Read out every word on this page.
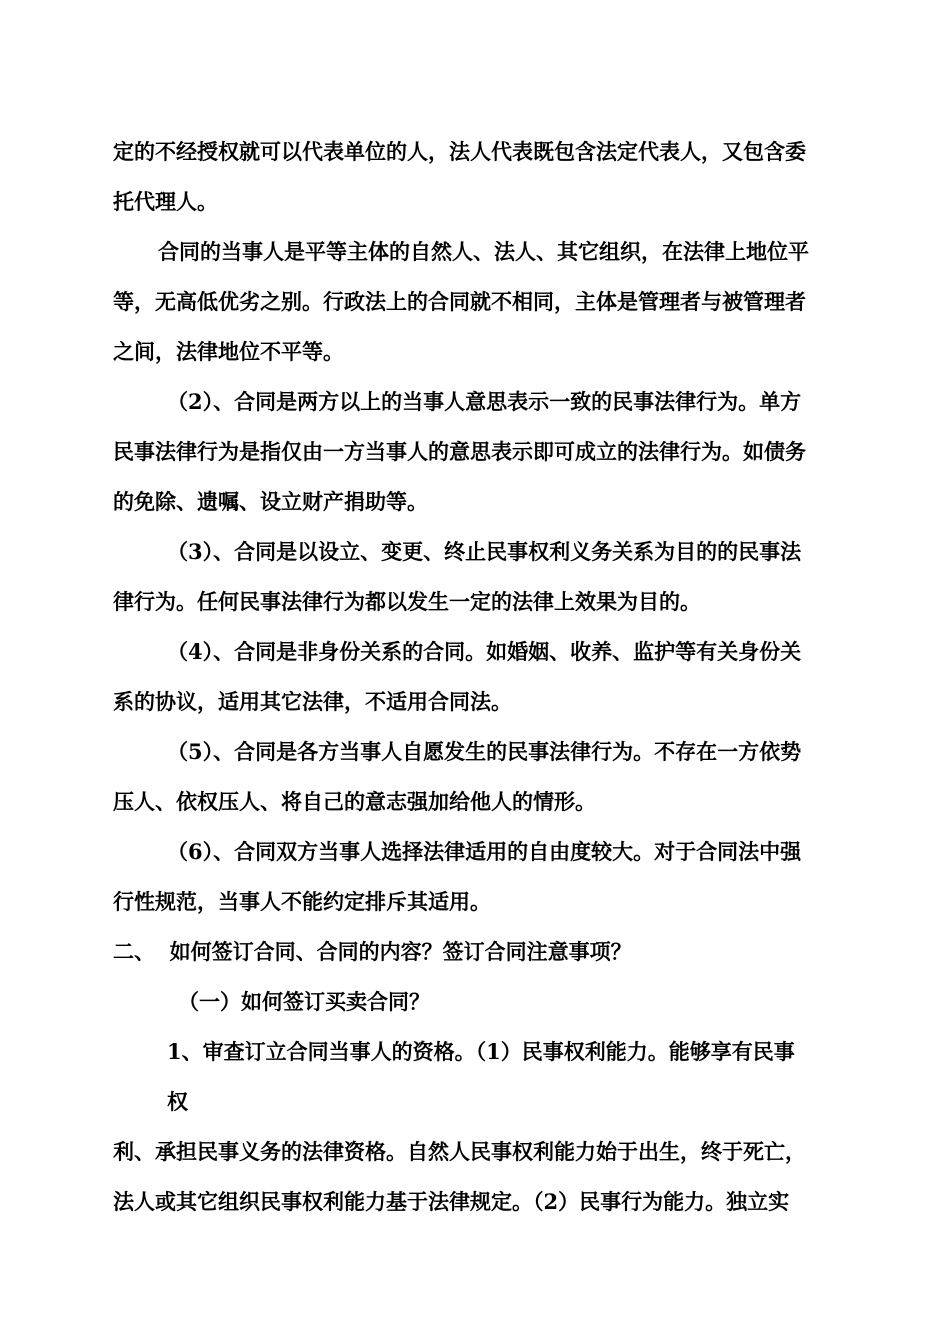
定的不经授权就可以代表单位的人，法人代表既包含法定代表人，又包含委
托代理人。
合同的当事人是平等主体的自然人、法人、其它组织，在法律上地位平
等，无高低优劣之别。行政法上的合同就不相同，主体是管理者与被管理者
之间，法律地位不平等。
（2）、合同是两方以上的当事人意思表示一致的民事法律行为。单方
民事法律行为是指仅由一方当事人的意思表示即可成立的法律行为。如债务
的免除、遗嘱、设立财产捐助等。
（3）、合同是以设立、变更、终止民事权利义务关系为目的的民事法
律行为。任何民事法律行为都以发生一定的法律上效果为目的。
（4）、合同是非身份关系的合同。如婚姻、收养、监护等有关身份关
系的协议，适用其它法律，不适用合同法。
（5）、合同是各方当事人自愿发生的民事法律行为。不存在一方依势
压人、依权压人、将自己的意志强加给他人的情形。
（6）、合同双方当事人选择法律适用的自由度较大。对于合同法中强
行性规范，当事人不能约定排斥其适用。
二、  如何签订合同、合同的内容？签订合同注意事项？
（一）如何签订买卖合同？
1、审查订立合同当事人的资格。（1）民事权利能力。能够享有民事
权
利、承担民事义务的法律资格。自然人民事权利能力始于出生，终于死亡，
法人或其它组织民事权利能力基于法律规定。（2）民事行为能力。独立实
